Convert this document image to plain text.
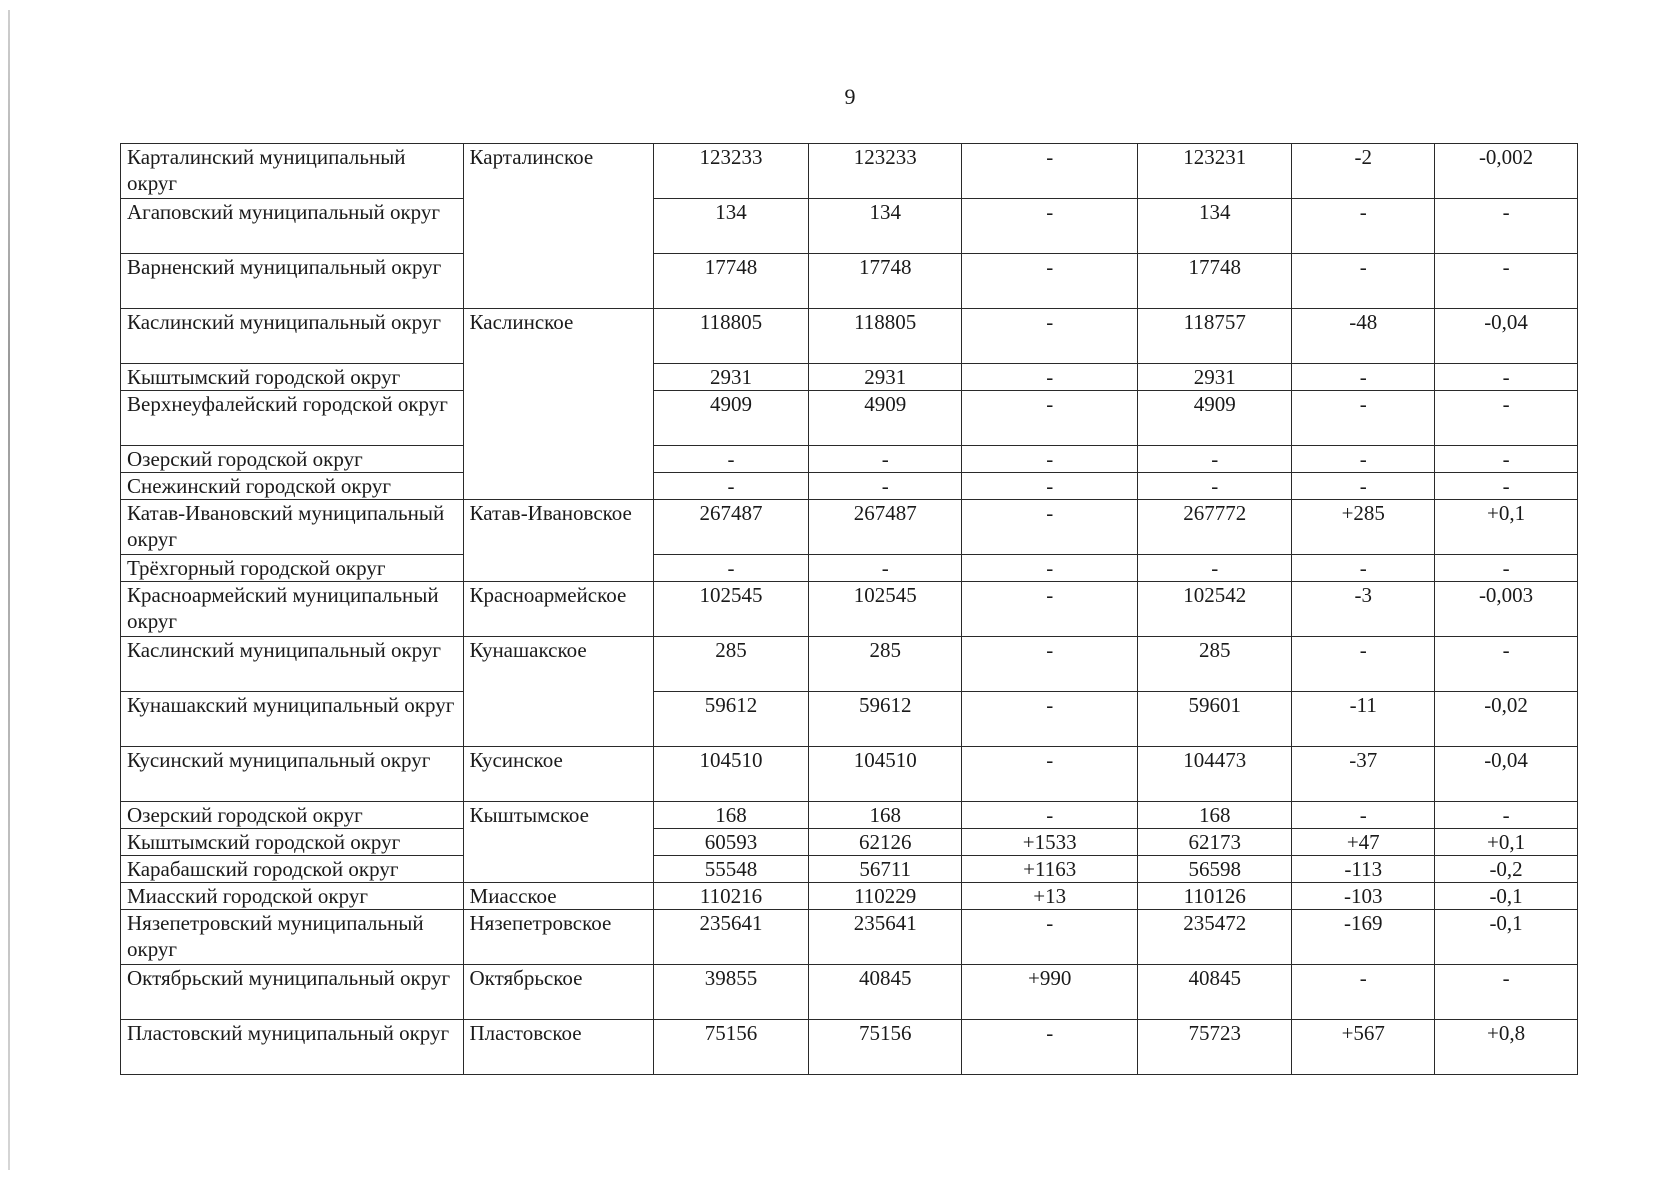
9
Карталинский муниципальный округ	Карталинское	123233	123233	-	123231	-2	-0,002
Агаповский муниципальный округ		134	134	-	134	-	-
Варненский муниципальный округ		17748	17748	-	17748	-	-
Каслинский муниципальный округ	Каслинское	118805	118805	-	118757	-48	-0,04
Кыштымский городской округ		2931	2931	-	2931	-	-
Верхнеуфалейский городской округ		4909	4909	-	4909	-	-
Озерский городской округ		-	-	-	-	-	-
Снежинский городской округ		-	-	-	-	-	-
Катав-Ивановский муниципальный округ	Катав-Ивановское	267487	267487	-	267772	+285	+0,1
Трёхгорный городской округ		-	-	-	-	-	-
Красноармейский муниципальный округ	Красноармейское	102545	102545	-	102542	-3	-0,003
Каслинский муниципальный округ	Кунашакское	285	285	-	285	-	-
Кунашакский муниципальный округ		59612	59612	-	59601	-11	-0,02
Кусинский муниципальный округ	Кусинское	104510	104510	-	104473	-37	-0,04
Озерский городской округ	Кыштымское	168	168	-	168	-	-
Кыштымский городской округ		60593	62126	+1533	62173	+47	+0,1
Карабашский городской округ		55548	56711	+1163	56598	-113	-0,2
Миасский городской округ	Миасское	110216	110229	+13	110126	-103	-0,1
Нязепетровский муниципальный округ	Нязепетровское	235641	235641	-	235472	-169	-0,1
Октябрьский муниципальный округ	Октябрьское	39855	40845	+990	40845	-	-
Пластовский муниципальный округ	Пластовское	75156	75156	-	75723	+567	+0,8
